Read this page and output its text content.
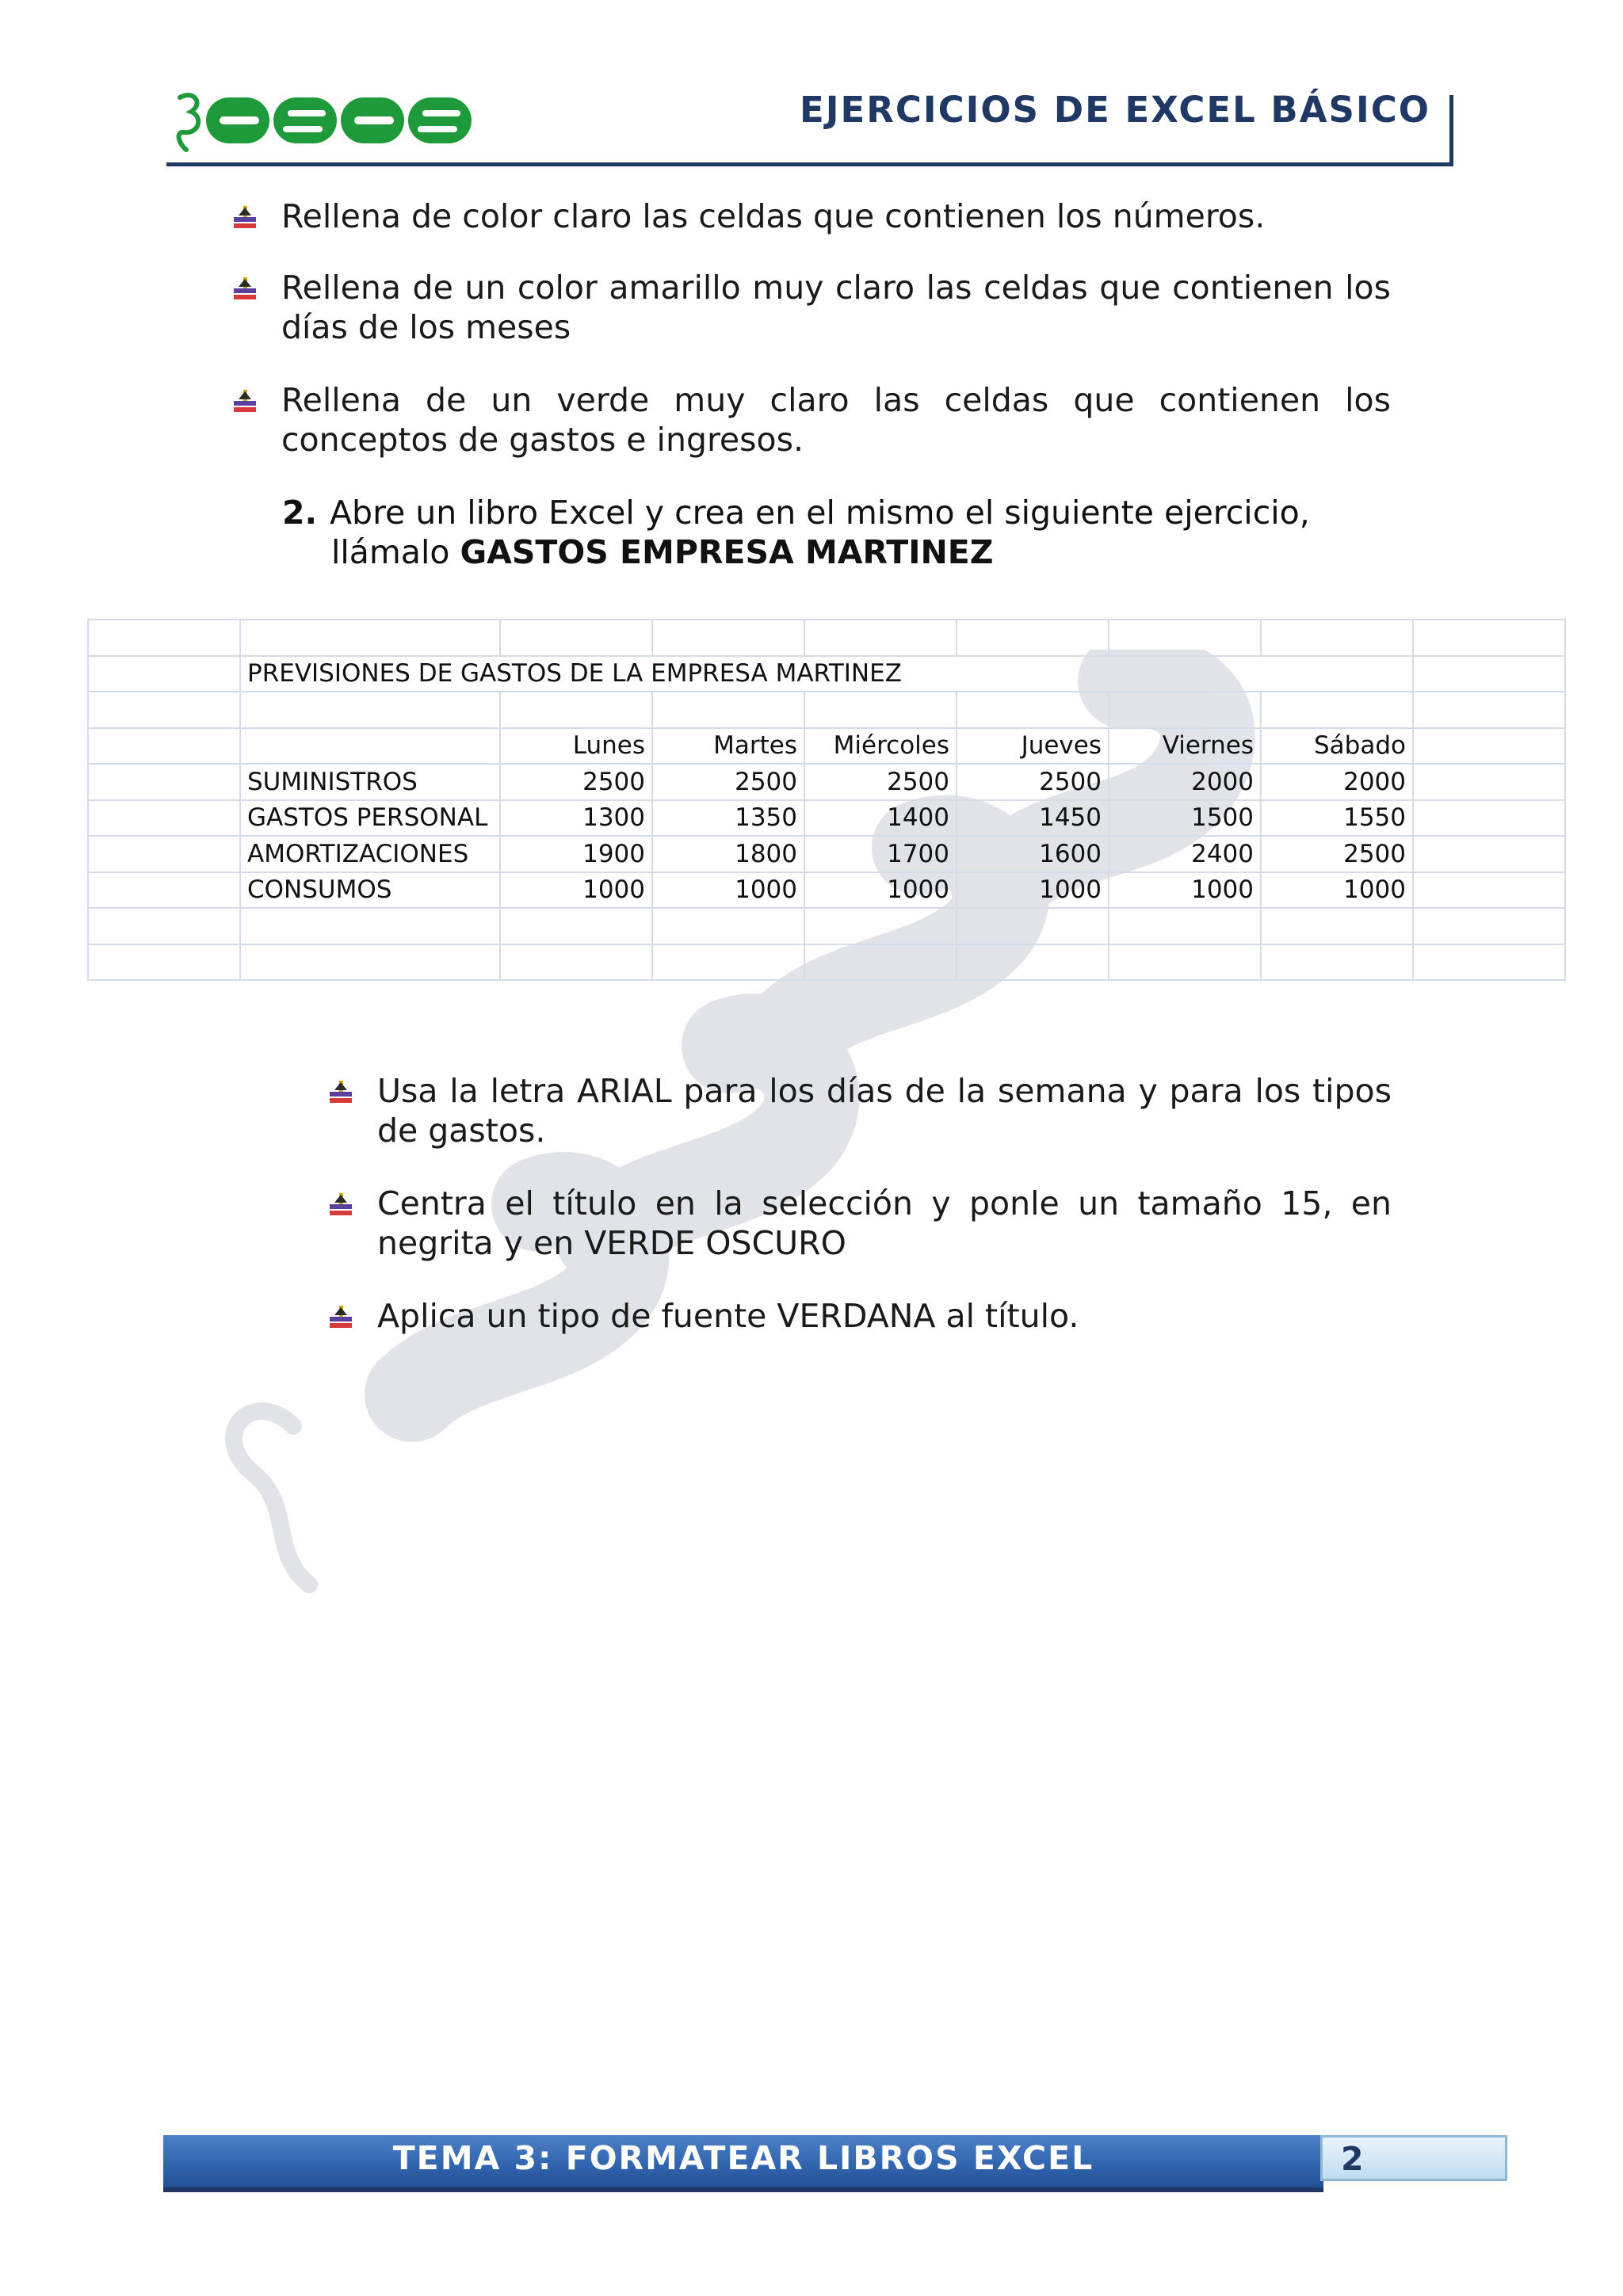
EJERCICIOS DE EXCEL BÁSICO
Rellena de color claro las celdas que contienen los números.
Rellena de un color amarillo muy claro las celdas que contienen los días de los meses
Rellena de un verde muy claro las celdas que contienen los conceptos de gastos e ingresos.
2. Abre un libro Excel y crea en el mismo el siguiente ejercicio,
llámalo GASTOS EMPRESA MARTINEZ

	PREVISIONES DE GASTOS DE LA EMPRESA MARTINEZ							

		Lunes	Martes	Miércoles	Jueves	Viernes	Sábado	
	SUMINISTROS	2500	2500	2500	2500	2000	2000	
	GASTOS PERSONAL	1300	1350	1400	1450	1500	1550	
	AMORTIZACIONES	1900	1800	1700	1600	2400	2500	
	CONSUMOS	1000	1000	1000	1000	1000	1000	

Usa la letra ARIAL para los días de la semana y para los tipos de gastos.
Centra el título en la selección y ponle un tamaño 15, en negrita y en VERDE OSCURO
Aplica un tipo de fuente VERDANA al título.
TEMA 3: FORMATEAR LIBROS EXCEL	2
